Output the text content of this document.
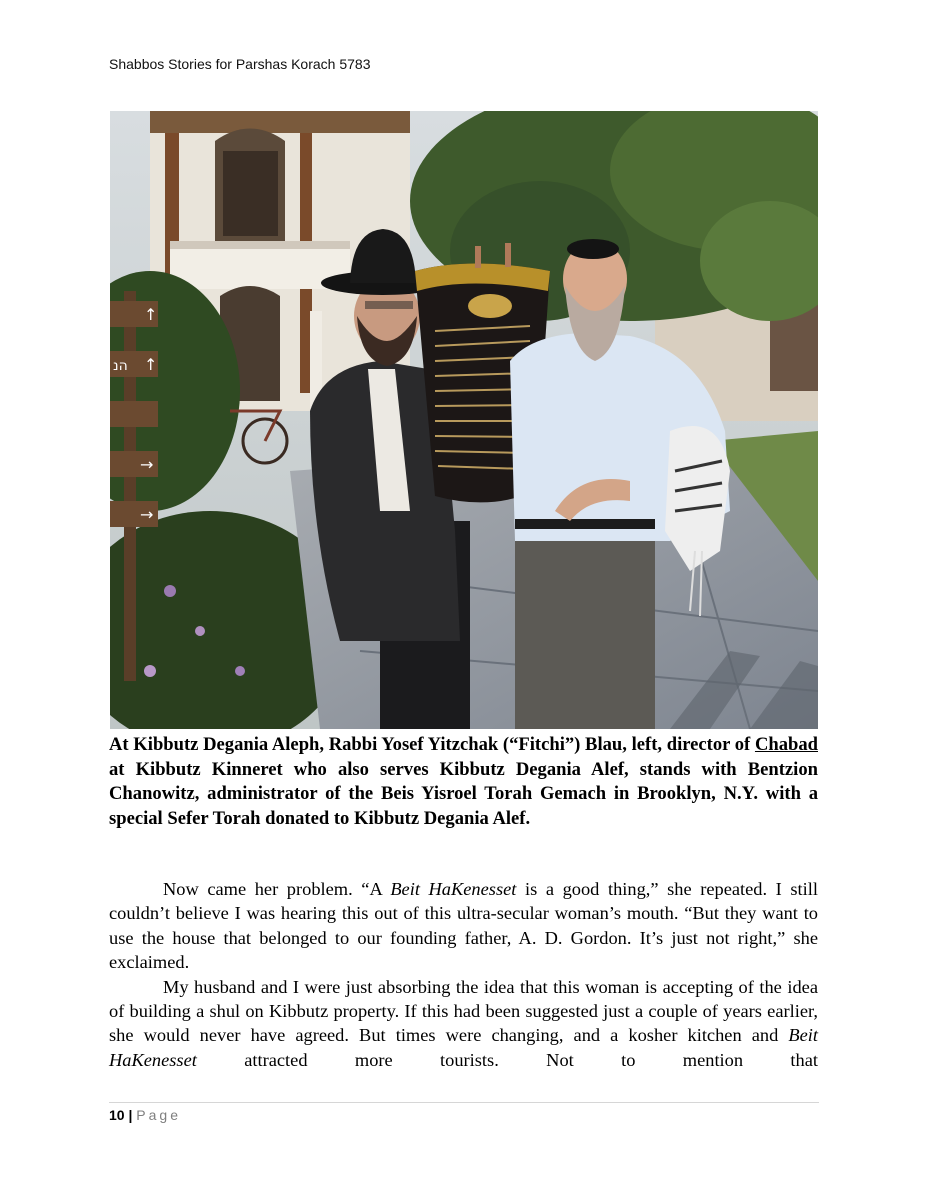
Shabbos Stories for Parshas Korach 5783
↑
הנ ↑
→
→

At Kibbutz Degania Aleph, Rabbi Yosef Yitzchak (“Fitchi”) Blau, left, director of Chabad at Kibbutz Kinneret who also serves Kibbutz Degania Alef, stands with Bentzion Chanowitz, administrator of the Beis Yisroel Torah Gemach in Brooklyn, N.Y. with a special Sefer Torah donated to Kibbutz Degania Alef.

Now came her problem. “A Beit HaKenesset is a good thing,” she repeated. I still couldn’t believe I was hearing this out of this ultra-secular woman’s mouth. “But they want to use the house that belonged to our founding father, A. D. Gordon. It’s just not right,” she exclaimed.

My husband and I were just absorbing the idea that this woman is accepting of the idea of building a shul on Kibbutz property. If this had been suggested just a couple of years earlier, she would never have agreed. But times were changing, and a kosher kitchen and Beit HaKenesset attracted more tourists. Not to mention that

10 | Page
